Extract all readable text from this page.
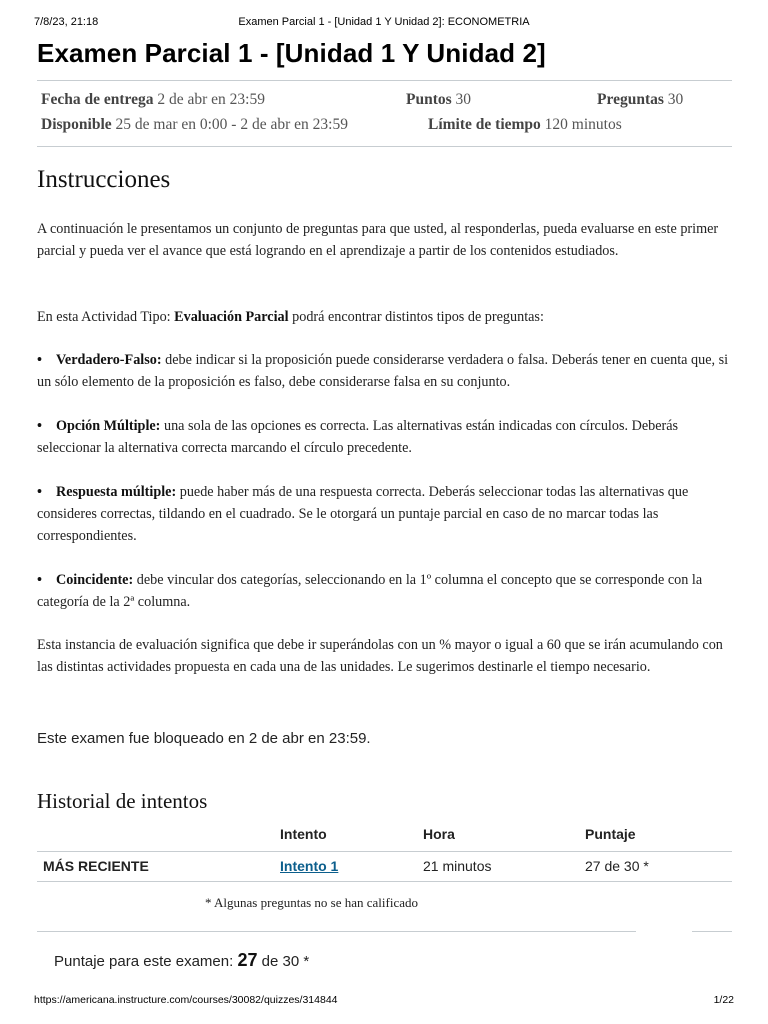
7/8/23, 21:18	Examen Parcial 1 - [Unidad 1 Y Unidad 2]: ECONOMETRIA
Examen Parcial 1 - [Unidad 1 Y Unidad 2]
Fecha de entrega 2 de abr en 23:59	Puntos 30	Preguntas 30
Disponible 25 de mar en 0:00 - 2 de abr en 23:59	Límite de tiempo 120 minutos
Instrucciones

A continuación le presentamos un conjunto de preguntas para que usted, al responderlas, pueda evaluarse en este primer parcial y pueda ver el avance que está logrando en el aprendizaje a partir de los contenidos estudiados.

En esta Actividad Tipo: Evaluación Parcial podrá encontrar distintos tipos de preguntas:

• Verdadero-Falso: debe indicar si la proposición puede considerarse verdadera o falsa. Deberás tener en cuenta que, si un sólo elemento de la proposición es falso, debe considerarse falsa en su conjunto.

• Opción Múltiple: una sola de las opciones es correcta. Las alternativas están indicadas con círculos. Deberás seleccionar la alternativa correcta marcando el círculo precedente.

• Respuesta múltiple: puede haber más de una respuesta correcta. Deberás seleccionar todas las alternativas que consideres correctas, tildando en el cuadrado. Se le otorgará un puntaje parcial en caso de no marcar todas las correspondientes.

• Coincidente: debe vincular dos categorías, seleccionando en la 1º columna el concepto que se corresponde con la categoría de la 2ª columna.

Esta instancia de evaluación significa que debe ir superándolas con un % mayor o igual a 60 que se irán acumulando con las distintas actividades propuesta en cada una de las unidades. Le sugerimos destinarle el tiempo necesario.

Este examen fue bloqueado en 2 de abr en 23:59.
Historial de intentos
	Intento	Hora	Puntaje
MÁS RECIENTE	Intento 1	21 minutos	27 de 30 *
* Algunas preguntas no se han calificado
Puntaje para este examen: 27 de 30 *
https://americana.instructure.com/courses/30082/quizzes/314844	1/22
